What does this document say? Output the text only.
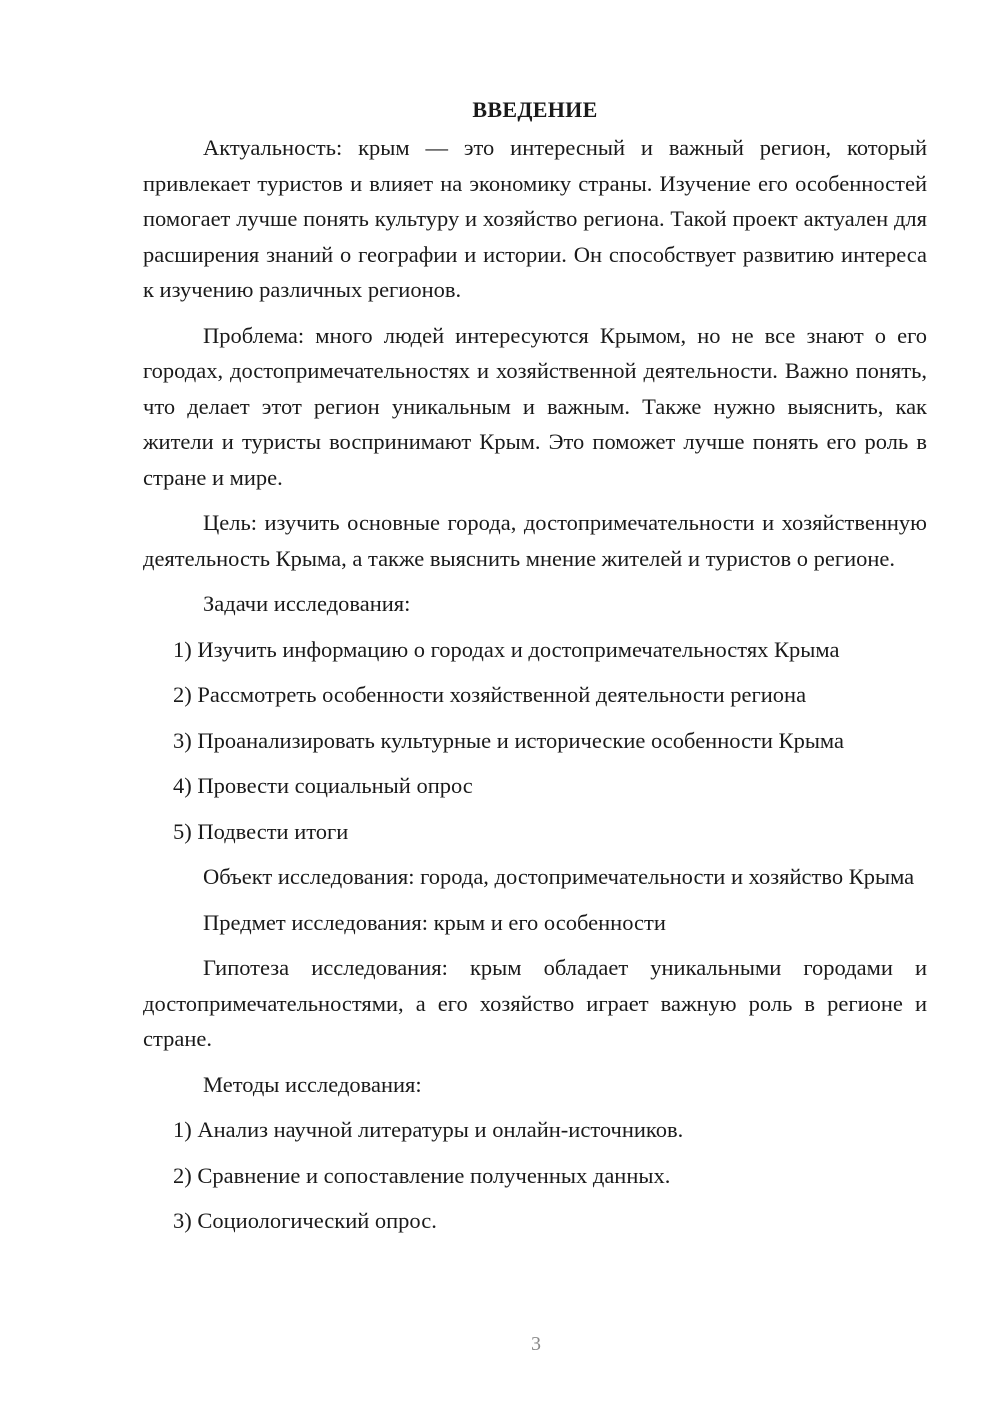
ВВЕДЕНИЕ

Актуальность: крым — это интересный и важный регион, который привлекает туристов и влияет на экономику страны. Изучение его особенностей помогает лучше понять культуру и хозяйство региона. Такой проект актуален для расширения знаний о географии и истории. Он способствует развитию интереса к изучению различных регионов.

Проблема: много людей интересуются Крымом, но не все знают о его городах, достопримечательностях и хозяйственной деятельности. Важно понять, что делает этот регион уникальным и важным. Также нужно выяснить, как жители и туристы воспринимают Крым. Это поможет лучше понять его роль в стране и мире.

Цель: изучить основные города, достопримечательности и хозяйственную деятельность Крыма, а также выяснить мнение жителей и туристов о регионе.

Задачи исследования:

1) Изучить информацию о городах и достопримечательностях Крыма
2) Рассмотреть особенности хозяйственной деятельности региона
3) Проанализировать культурные и исторические особенности Крыма
4) Провести социальный опрос
5) Подвести итоги

Объект исследования: города, достопримечательности и хозяйство Крыма

Предмет исследования: крым и его особенности

Гипотеза исследования: крым обладает уникальными городами и достопримечательностями, а его хозяйство играет важную роль в регионе и стране.

Методы исследования:

1) Анализ научной литературы и онлайн-источников.
2) Сравнение и сопоставление полученных данных.
3) Социологический опрос.
3
